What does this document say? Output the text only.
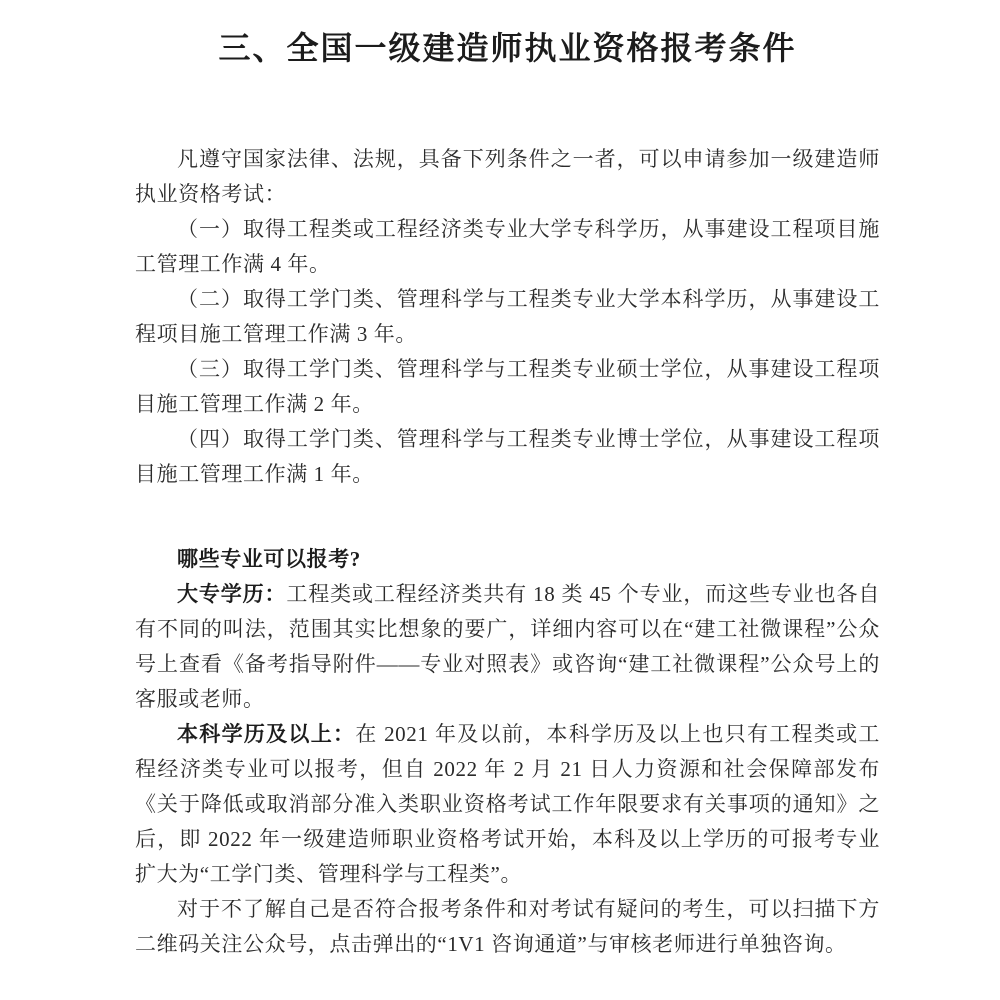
三、全国一级建造师执业资格报考条件

凡遵守国家法律、法规，具备下列条件之一者，可以申请参加一级建造师执业资格考试：

（一）取得工程类或工程经济类专业大学专科学历，从事建设工程项目施工管理工作满 4 年。

（二）取得工学门类、管理科学与工程类专业大学本科学历，从事建设工程项目施工管理工作满 3 年。

（三）取得工学门类、管理科学与工程类专业硕士学位，从事建设工程项目施工管理工作满 2 年。

（四）取得工学门类、管理科学与工程类专业博士学位，从事建设工程项目施工管理工作满 1 年。

哪些专业可以报考?

大专学历：工程类或工程经济类共有 18 类 45 个专业，而这些专业也各自有不同的叫法，范围其实比想象的要广，详细内容可以在“建工社微课程”公众号上查看《备考指导附件——专业对照表》或咨询“建工社微课程”公众号上的客服或老师。

本科学历及以上：在 2021 年及以前，本科学历及以上也只有工程类或工程经济类专业可以报考，但自 2022 年 2 月 21 日人力资源和社会保障部发布《关于降低或取消部分准入类职业资格考试工作年限要求有关事项的通知》之后，即 2022 年一级建造师职业资格考试开始，本科及以上学历的可报考专业扩大为“工学门类、管理科学与工程类”。

对于不了解自己是否符合报考条件和对考试有疑问的考生，可以扫描下方二维码关注公众号，点击弹出的“1V1 咨询通道”与审核老师进行单独咨询。
